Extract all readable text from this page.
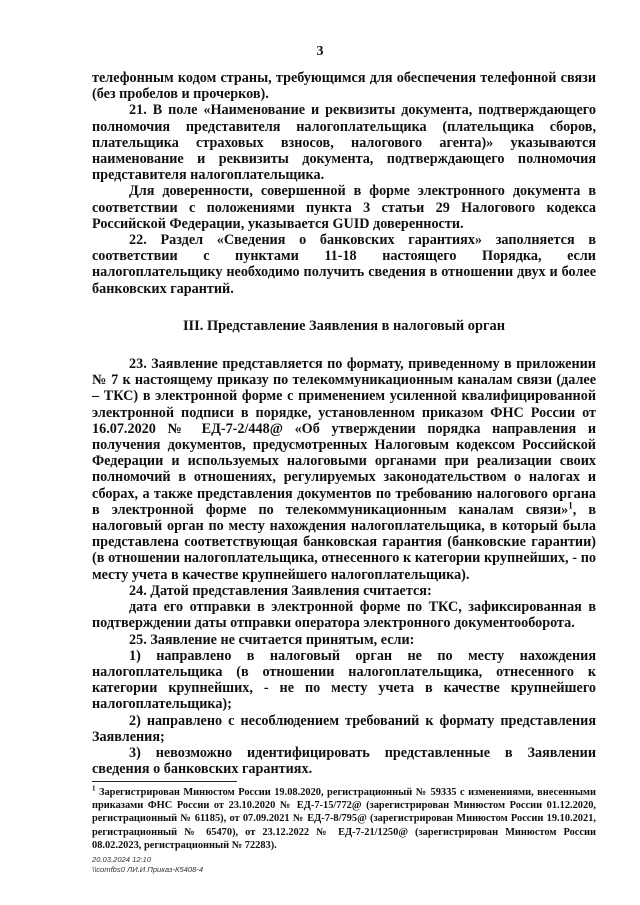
3

телефонным кодом страны, требующимся для обеспечения телефонной связи (без пробелов и прочерков).

21. В поле «Наименование и реквизиты документа, подтверждающего полномочия представителя налогоплательщика (плательщика сборов, плательщика страховых взносов, налогового агента)» указываются наименование и реквизиты документа, подтверждающего полномочия представителя налогоплательщика.

Для доверенности, совершенной в форме электронного документа в соответствии с положениями пункта 3 статьи 29 Налогового кодекса Российской Федерации, указывается GUID доверенности.

22. Раздел «Сведения о банковских гарантиях» заполняется в соответствии с пунктами 11-18 настоящего Порядка, если налогоплательщику необходимо получить сведения в отношении двух и более банковских гарантий.

III. Представление Заявления в налоговый орган

23. Заявление представляется по формату, приведенному в приложении № 7 к настоящему приказу по телекоммуникационным каналам связи (далее – ТКС) в электронной форме с применением усиленной квалифицированной электронной подписи в порядке, установленном приказом ФНС России от 16.07.2020 № ЕД-7-2/448@ «Об утверждении порядка направления и получения документов, предусмотренных Налоговым кодексом Российской Федерации и используемых налоговыми органами при реализации своих полномочий в отношениях, регулируемых законодательством о налогах и сборах, а также представления документов по требованию налогового органа в электронной форме по телекоммуникационным каналам связи»$^1$, в налоговый орган по месту нахождения налогоплательщика, в который была представлена соответствующая банковская гарантия (банковские гарантии) (в отношении налогоплательщика, отнесенного к категории крупнейших, - по месту учета в качестве крупнейшего налогоплательщика).

24. Датой представления Заявления считается:

дата его отправки в электронной форме по ТКС, зафиксированная в подтверждении даты отправки оператора электронного документооборота.

25. Заявление не считается принятым, если:

1) направлено в налоговый орган не по месту нахождения налогоплательщика (в отношении налогоплательщика, отнесенного к категории крупнейших, - не по месту учета в качестве крупнейшего налогоплательщика);

2) направлено с несоблюдением требований к формату представления Заявления;

3) невозможно идентифицировать представленные в Заявлении сведения о банковских гарантиях.

$^1$ Зарегистрирован Минюстом России 19.08.2020, регистрационный № 59335 с изменениями, внесенными приказами ФНС России от 23.10.2020 № ЕД-7-15/772@ (зарегистрирован Минюстом России 01.12.2020, регистрационный № 61185), от 07.09.2021 № ЕД-7-8/795@ (зарегистрирован Минюстом России 19.10.2021, регистрационный № 65470), от 23.12.2022 № ЕД-7-21/1250@ (зарегистрирован Минюстом России 08.02.2023, регистрационный № 72283).
20.03.2024 12:10
\\comfbs0 ЛИ.И.Приказ-К5408-4
